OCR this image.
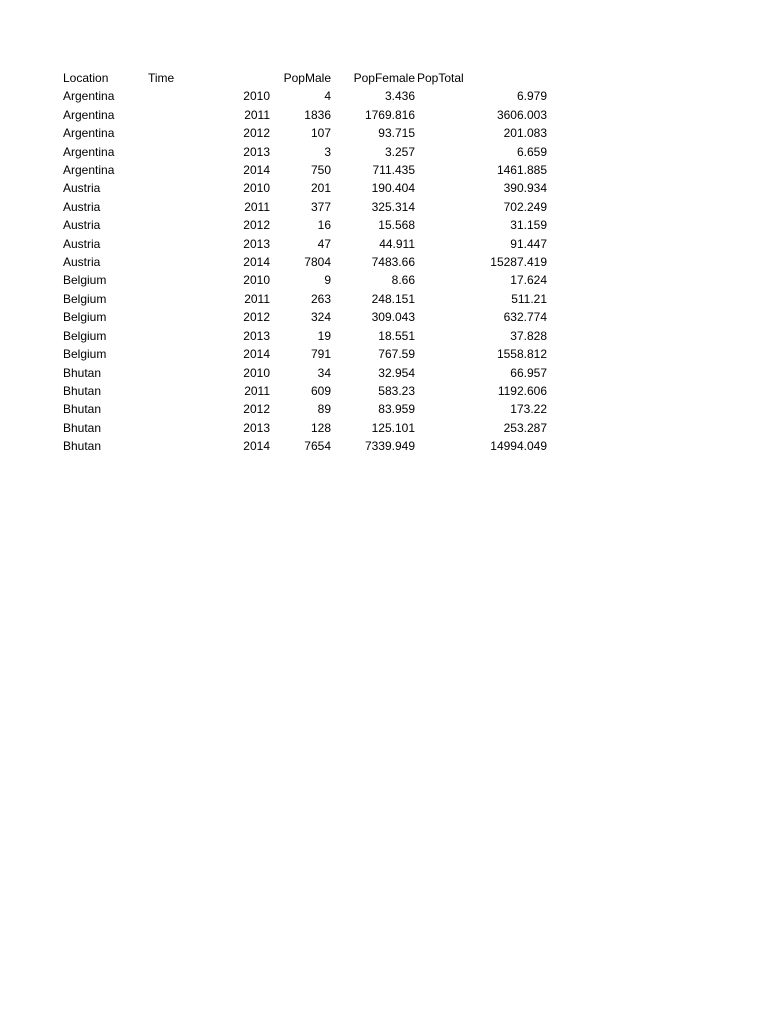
Location	Time	PopMale	PopFemale	PopTotal
Argentina	2010	4	3.436	6.979
Argentina	2011	1836	1769.816	3606.003
Argentina	2012	107	93.715	201.083
Argentina	2013	3	3.257	6.659
Argentina	2014	750	711.435	1461.885
Austria	2010	201	190.404	390.934
Austria	2011	377	325.314	702.249
Austria	2012	16	15.568	31.159
Austria	2013	47	44.911	91.447
Austria	2014	7804	7483.66	15287.419
Belgium	2010	9	8.66	17.624
Belgium	2011	263	248.151	511.21
Belgium	2012	324	309.043	632.774
Belgium	2013	19	18.551	37.828
Belgium	2014	791	767.59	1558.812
Bhutan	2010	34	32.954	66.957
Bhutan	2011	609	583.23	1192.606
Bhutan	2012	89	83.959	173.22
Bhutan	2013	128	125.101	253.287
Bhutan	2014	7654	7339.949	14994.049
